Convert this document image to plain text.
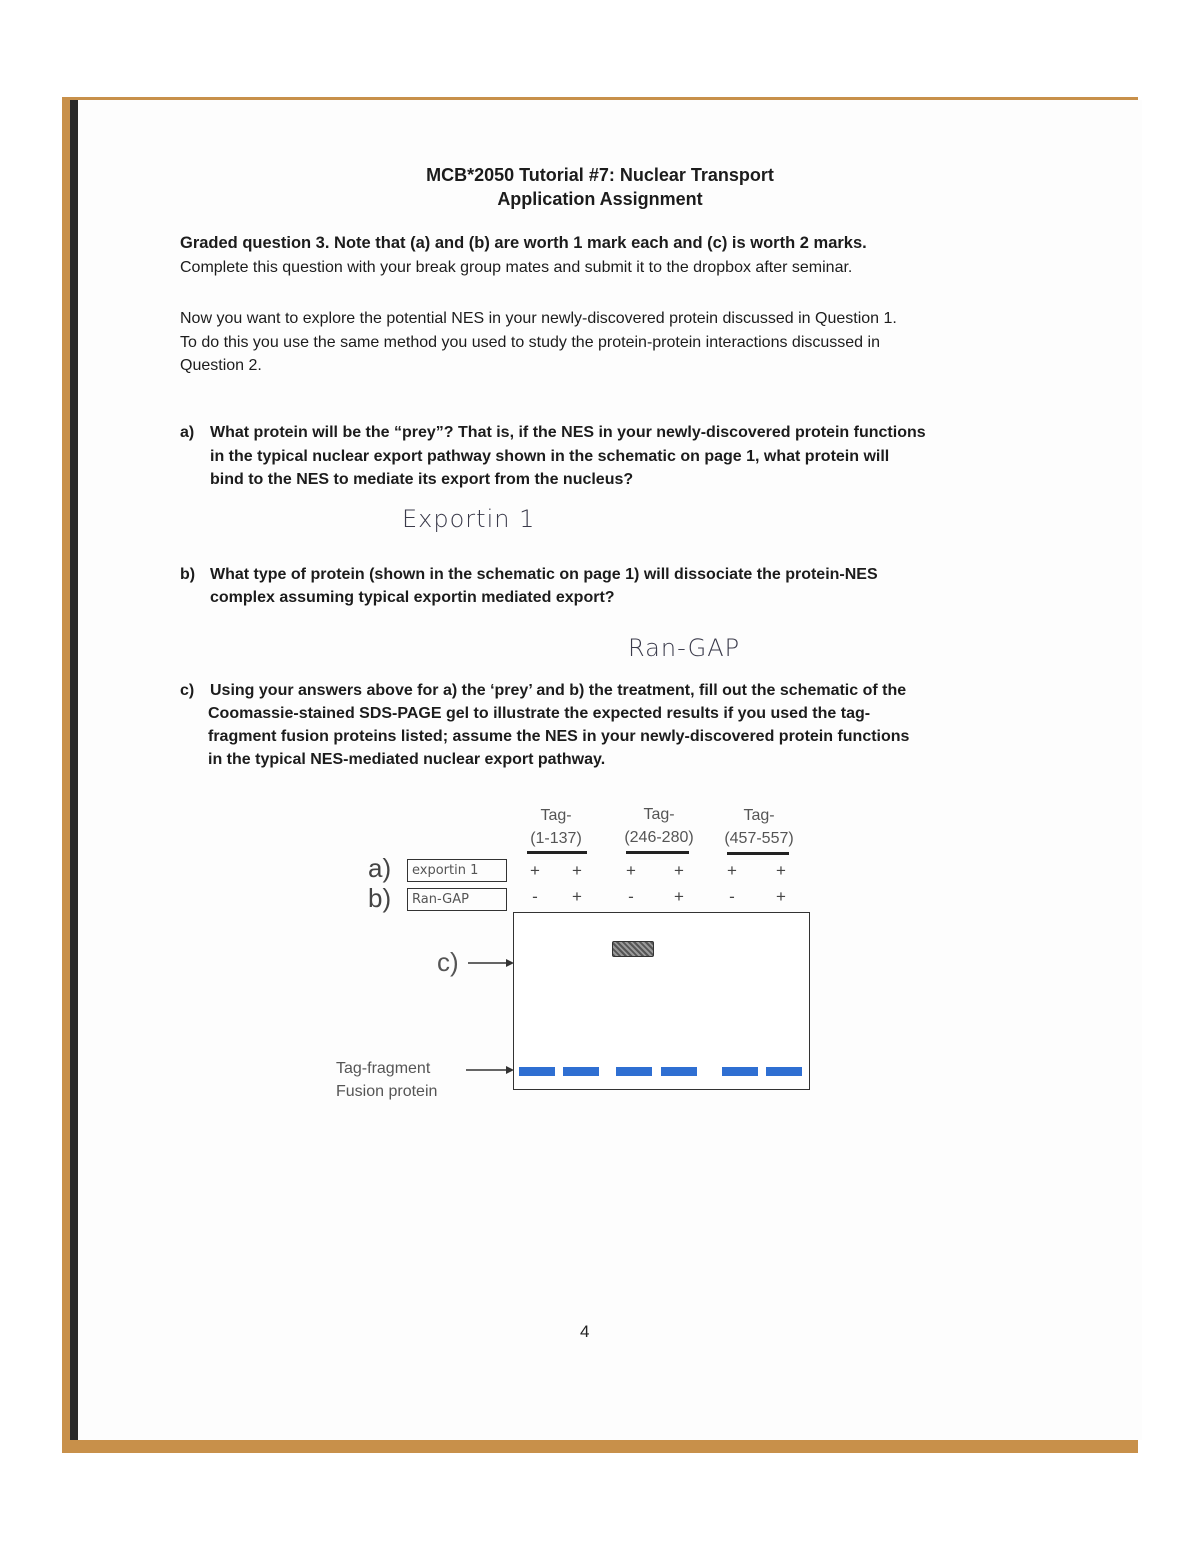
MCB*2050 Tutorial #7: Nuclear Transport
Application Assignment
Graded question 3. Note that (a) and (b) are worth 1 mark each and (c) is worth 2 marks.
Complete this question with your break group mates and submit it to the dropbox after seminar.
Now you want to explore the potential NES in your newly-discovered protein discussed in Question 1.
To do this you use the same method you used to study the protein-protein interactions discussed in
Question 2.
a) What protein will be the “prey”? That is, if the NES in your newly-discovered protein functions
in the typical nuclear export pathway shown in the schematic on page 1, what protein will
bind to the NES to mediate its export from the nucleus?
Exportin 1
b) What type of protein (shown in the schematic on page 1) will dissociate the protein-NES
complex assuming typical exportin mediated export?
Ran-GAP
c) Using your answers above for a) the ‘prey’ and b) the treatment, fill out the schematic of the
Coomassie-stained SDS-PAGE gel to illustrate the expected results if you used the tag-
fragment fusion proteins listed; assume the NES in your newly-discovered protein functions
in the typical NES-mediated nuclear export pathway.
Tag-
(1-137)
Tag-
(246-280)
Tag-
(457-557)
a)
b)
exportin 1
Ran-GAP
+ +	+ +	+ +
-	+	-	+	-	+
c)
Tag-fragment
Fusion protein
4
